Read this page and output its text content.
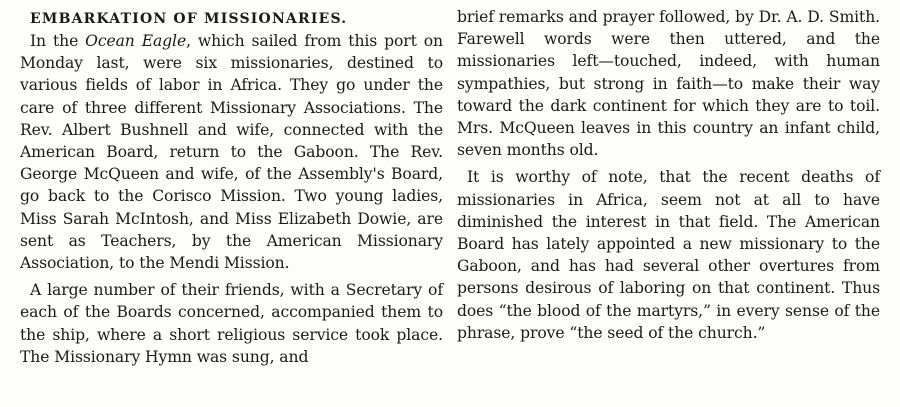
EMBARKATION OF MISSIONARIES.

In the Ocean Eagle, which sailed from this port on Monday last, were six missionaries, destined to various fields of labor in Africa. They go under the care of three different Missionary Associations. The Rev. Albert Bushnell and wife, connected with the American Board, return to the Gaboon. The Rev. George McQueen and wife, of the Assembly's Board, go back to the Corisco Mission. Two young ladies, Miss Sarah McIntosh, and Miss Elizabeth Dowie, are sent as Teachers, by the American Missionary Association, to the Mendi Mission.

A large number of their friends, with a Secretary of each of the Boards concerned, accompanied them to the ship, where a short religious service took place. The Missionary Hymn was sung, and

brief remarks and prayer followed, by Dr. A. D. Smith. Farewell words were then uttered, and the missionaries left—touched, indeed, with human sympathies, but strong in faith—to make their way toward the dark continent for which they are to toil. Mrs. McQueen leaves in this country an infant child, seven months old.

It is worthy of note, that the recent deaths of missionaries in Africa, seem not at all to have diminished the interest in that field. The American Board has lately appointed a new missionary to the Gaboon, and has had several other overtures from persons desirous of laboring on that continent. Thus does “the blood of the martyrs,” in every sense of the phrase, prove “the seed of the church.”
